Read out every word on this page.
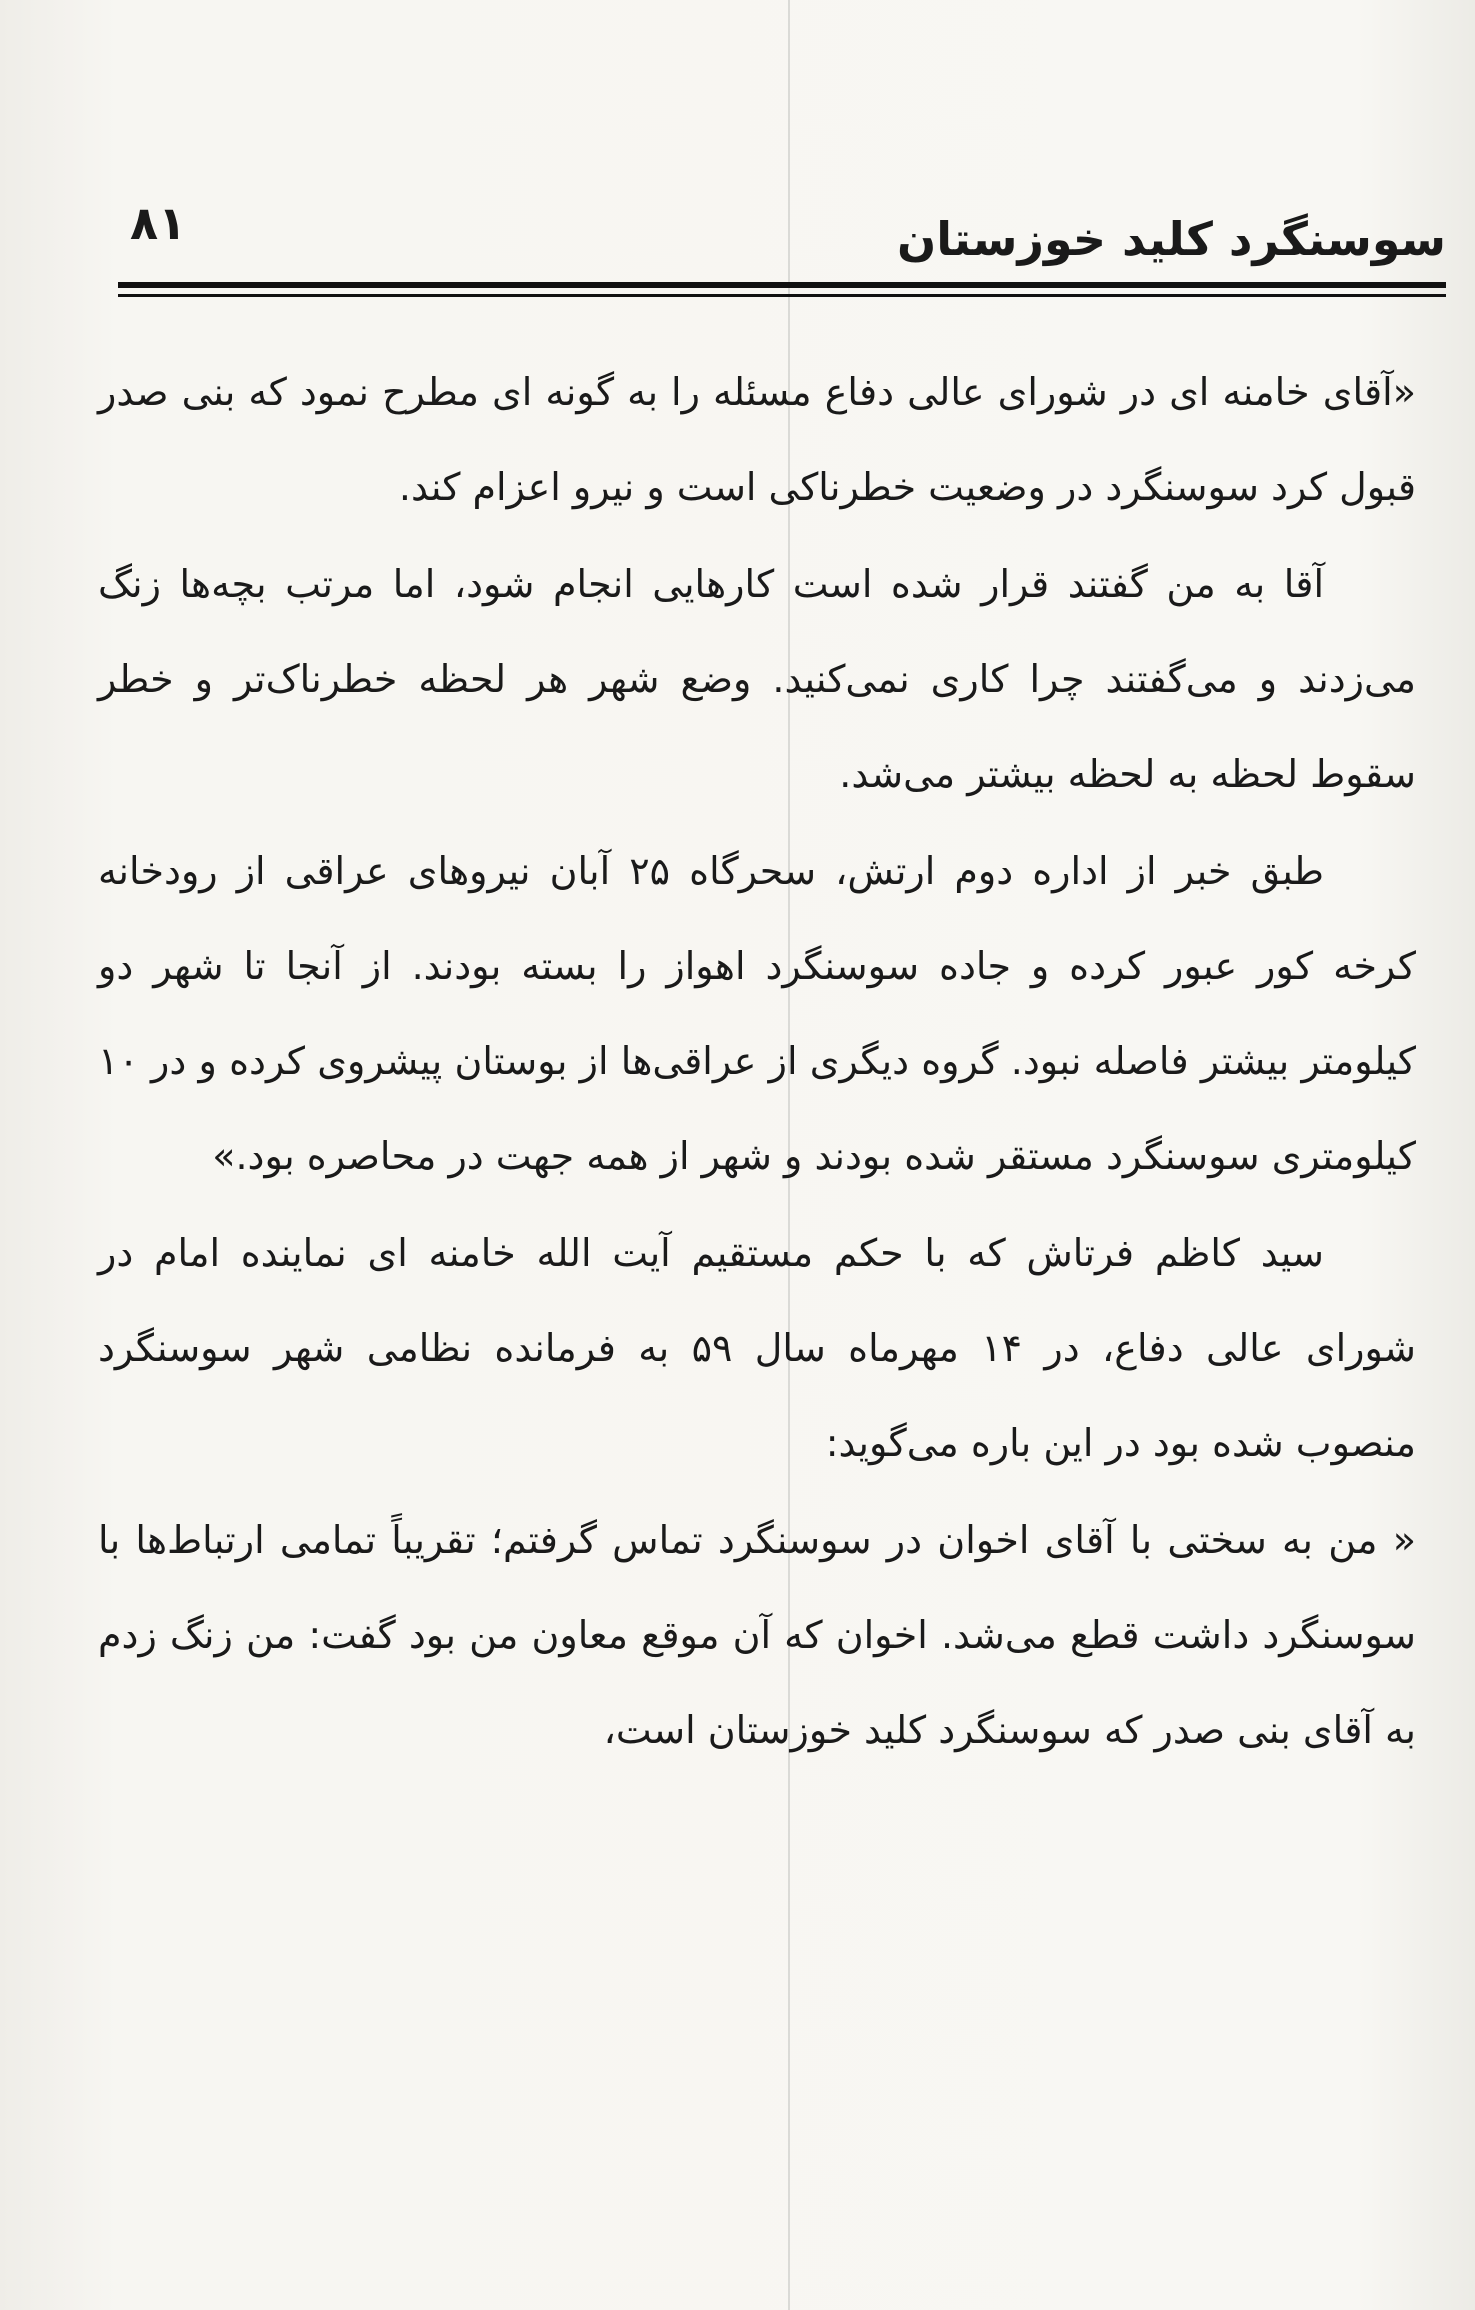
۸۱	سوسنگرد کلید خوزستان

«آقای خامنه ای در شورای عالی دفاع مسئله را به گونه ای مطرح نمود که بنی صدر قبول کرد سوسنگرد در وضعیت خطرناکی است و نیرو اعزام کند.

آقا به من گفتند قرار شده است کارهایی انجام شود، اما مرتب بچه‌ها زنگ می‌زدند و می‌گفتند چرا کاری نمی‌کنید. وضع شهر هر لحظه خطرناک‌تر و خطر سقوط لحظه به لحظه بیشتر می‌شد.

طبق خبر از اداره دوم ارتش، سحرگاه ۲۵ آبان نیروهای عراقی از رودخانه کرخه کور عبور کرده و جاده سوسنگرد اهواز را بسته بودند. از آنجا تا شهر دو کیلومتر بیشتر فاصله نبود. گروه دیگری از عراقی‌ها از بوستان پیشروی کرده و در ۱۰ کیلومتری سوسنگرد مستقر شده بودند و شهر از همه جهت در محاصره بود.»

سید کاظم فرتاش که با حکم مستقیم آیت الله خامنه ای نماینده امام در شورای عالی دفاع، در ۱۴ مهرماه سال ۵۹ به فرمانده نظامی شهر سوسنگرد منصوب شده بود در این باره می‌گوید:

« من به سختی با آقای اخوان در سوسنگرد تماس گرفتم؛ تقریباً تمامی ارتباط‌ها با سوسنگرد داشت قطع می‌شد. اخوان که آن موقع معاون من بود گفت: من زنگ زدم به آقای بنی صدر که سوسنگرد کلید خوزستان است،
